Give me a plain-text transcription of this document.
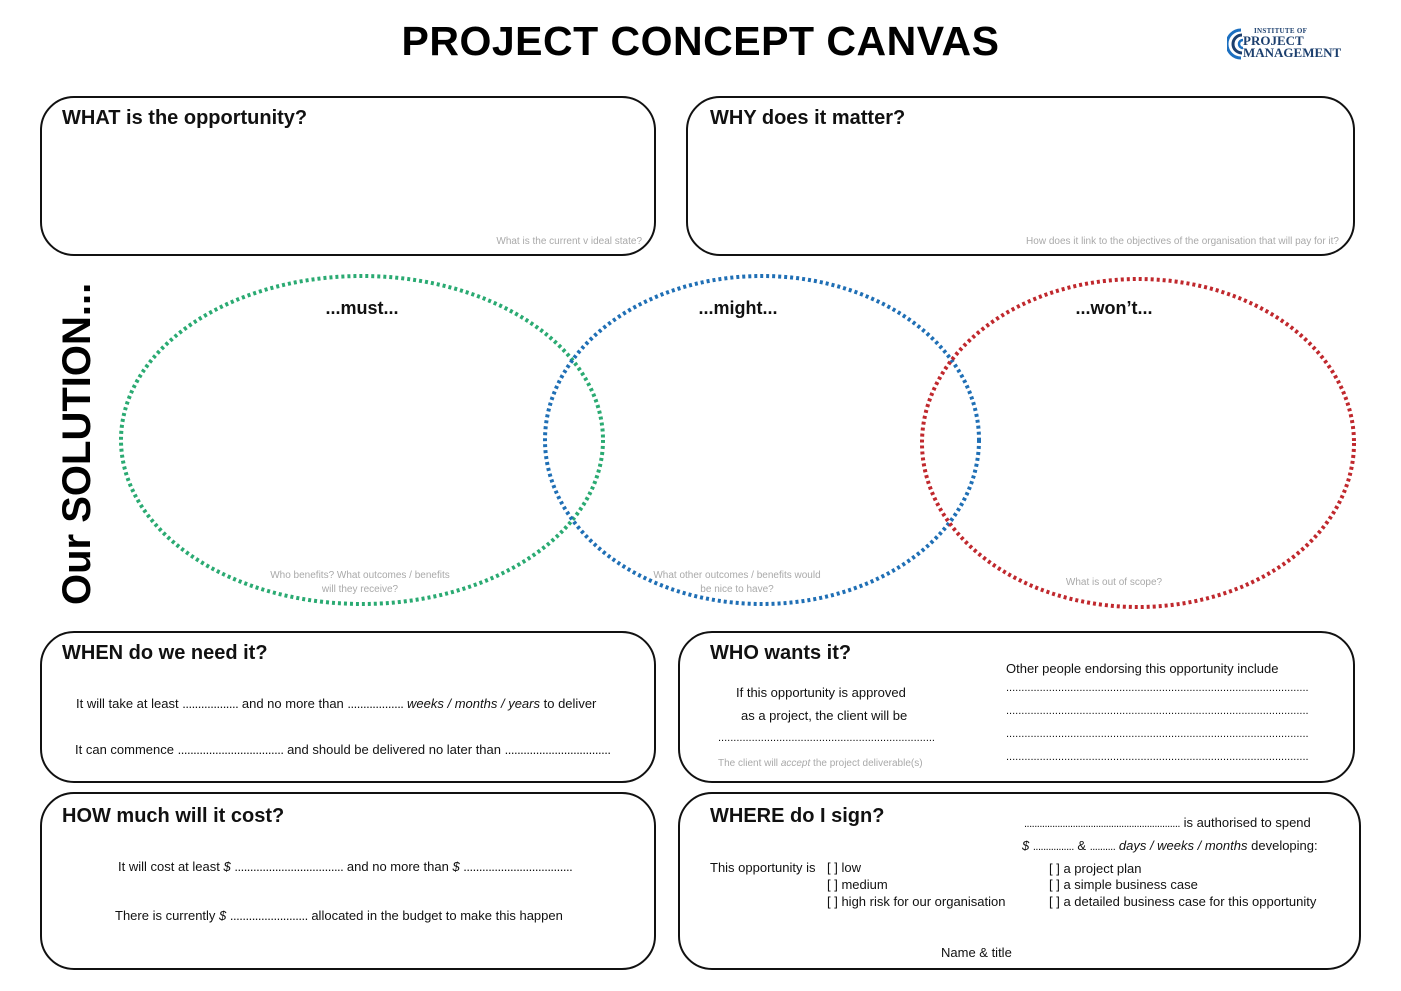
PROJECT CONCEPT CANVAS	INSTITUTE OF
PROJECT
MANAGEMENT
WHAT is the opportunity?
What is the current v ideal state?
WHY does it matter?
How does it link to the objectives of the organisation that will pay for it?
Our SOLUTION...	...must...	...might...	...won’t...
Who benefits? What outcomes / benefits
will they receive?
What other outcomes / benefits would
be nice to have?
What is out of scope?
WHEN do we need it?
It will take at least .................. and no more than .................. weeks / months / years to deliver
It can commence .................................. and should be delivered no later than ..................................
WHO wants it?
If this opportunity is approved
as a project, the client will be
.......................................................................
The client will accept the project deliverable(s)
Other people endorsing this opportunity include
...................................................................................................
...................................................................................................
...................................................................................................
...................................................................................................
HOW much will it cost?
It will cost at least $ ................................... and no more than $ ...................................
There is currently $ ......................... allocated in the budget to make this happen
WHERE do I sign?	............................................................. is authorised to spend
$ ................ & .......... days / weeks / months developing:
This opportunity is [ ] low
[ ] medium
[ ] high risk for our organisation
[ ] a project plan
[ ] a simple business case
[ ] a detailed business case for this opportunity
Name & title
